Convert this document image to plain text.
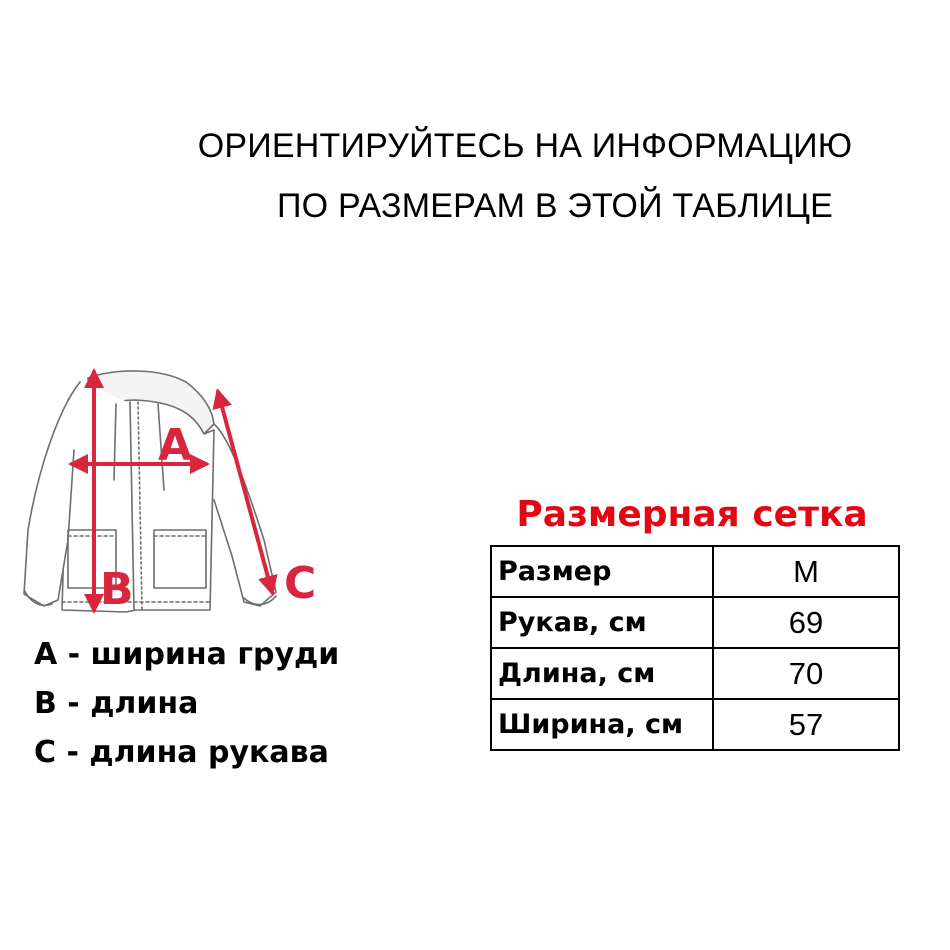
ОРИЕНТИРУЙТЕСЬ НА ИНФОРМАЦИЮ
ПО РАЗМЕРАМ В ЭТОЙ ТАБЛИЦЕ
A
B	C
A - ширина груди
B - длина
C - длина рукава
Размерная сетка
Размер	M
Рукав, см	69
Длина, см	70
Ширина, см	57
